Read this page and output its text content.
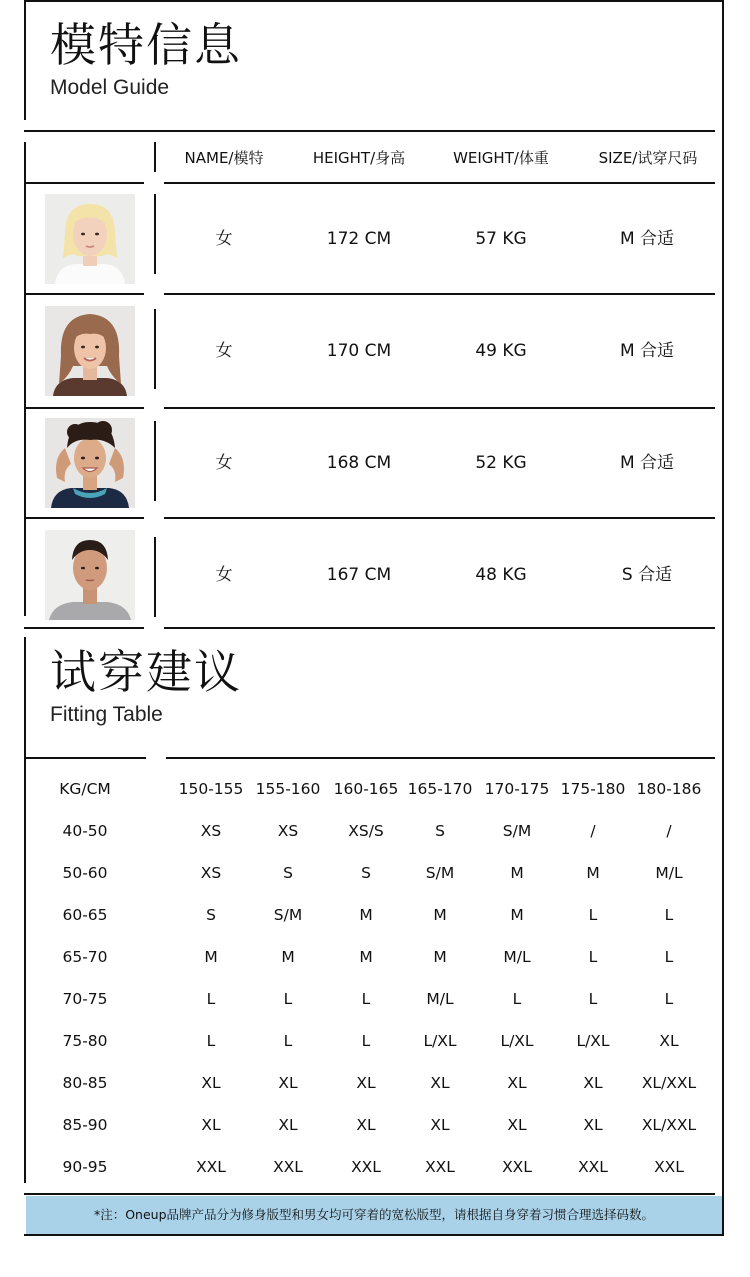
模特信息
Model Guide
NAME/模特	HEIGHT/身高	WEIGHT/体重	SIZE/试穿尺码
女	172 CM	57 KG	M 合适
女	170 CM	49 KG	M 合适
女	168 CM	52 KG	M 合适
女	167 CM	48 KG	S 合适
试穿建议
Fitting Table
KG/CM	150-155 155-160 160-165 165-170 170-175 175-180 180-186
40-50	XS	XS	XS/S	S	S/M	/	/
50-60	XS	S	S	S/M	M	M	M/L
60-65	S	S/M	M	M	M	L	L
65-70	M	M	M	M	M/L	L	L
70-75	L	L	L	M/L	L	L	L
75-80	L	L	L	L/XL	L/XL	L/XL	XL
80-85	XL	XL	XL	XL	XL	XL	XL/XXL
85-90	XL	XL	XL	XL	XL	XL	XL/XXL
90-95	XXL	XXL	XXL	XXL	XXL	XXL	XXL
*注：Oneup品牌产品分为修身版型和男女均可穿着的宽松版型，请根据自身穿着习惯合理选择码数。
